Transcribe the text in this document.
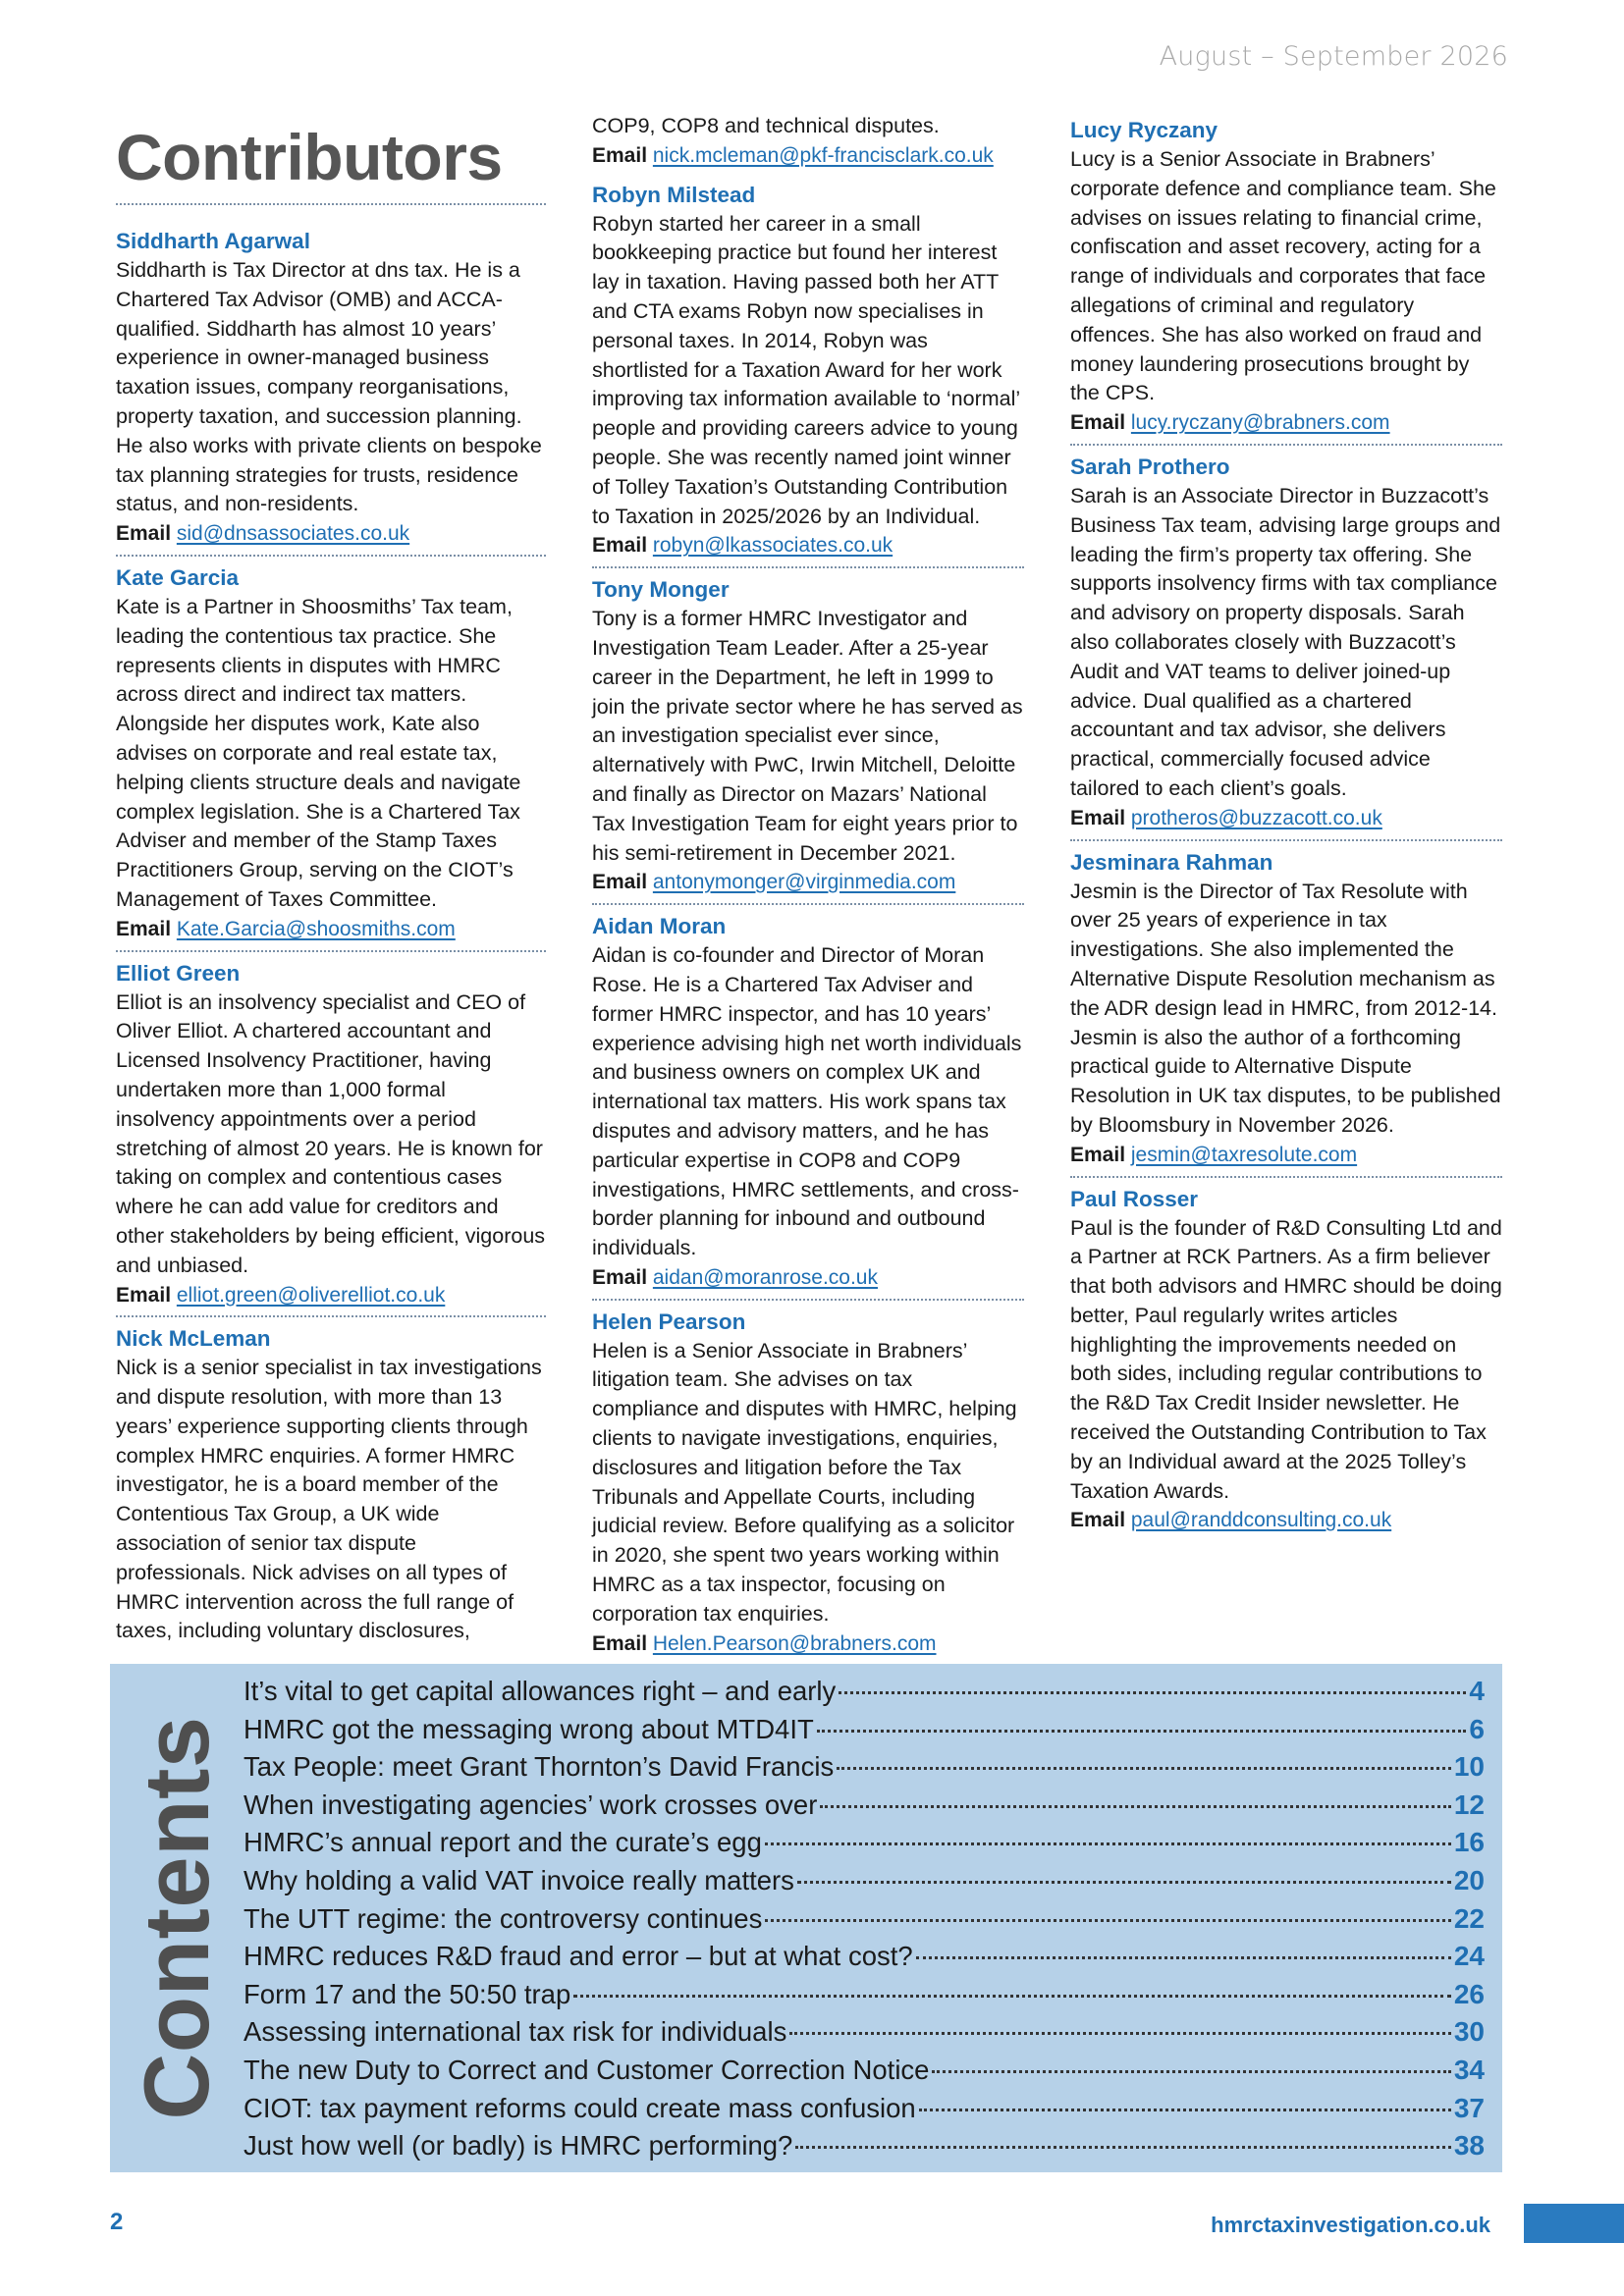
August – September 2026
Contributors
Siddharth Agarwal
Siddharth is Tax Director at dns tax. He is a Chartered Tax Advisor (OMB) and ACCA-qualified. Siddharth has almost 10 years’ experience in owner-managed business taxation issues, company reorganisations, property taxation, and succession planning. He also works with private clients on bespoke tax planning strategies for trusts, residence status, and non-residents.
Email sid@dnsassociates.co.uk
Kate Garcia
Kate is a Partner in Shoosmiths’ Tax team, leading the contentious tax practice. She represents clients in disputes with HMRC across direct and indirect tax matters. Alongside her disputes work, Kate also advises on corporate and real estate tax, helping clients structure deals and navigate complex legislation. She is a Chartered Tax Adviser and member of the Stamp Taxes Practitioners Group, serving on the CIOT’s Management of Taxes Committee.
Email Kate.Garcia@shoosmiths.com
Elliot Green
Elliot is an insolvency specialist and CEO of Oliver Elliot. A chartered accountant and Licensed Insolvency Practitioner, having undertaken more than 1,000 formal insolvency appointments over a period stretching of almost 20 years. He is known for taking on complex and contentious cases where he can add value for creditors and other stakeholders by being efficient, vigorous and unbiased.
Email elliot.green@oliverelliot.co.uk
Nick McLeman
Nick is a senior specialist in tax investigations and dispute resolution, with more than 13 years’ experience supporting clients through complex HMRC enquiries. A former HMRC investigator, he is a board member of the Contentious Tax Group, a UK wide association of senior tax dispute professionals. Nick advises on all types of HMRC intervention across the full range of taxes, including voluntary disclosures,
COP9, COP8 and technical disputes.
Email nick.mcleman@pkf-francisclark.co.uk
Robyn Milstead
Robyn started her career in a small bookkeeping practice but found her interest lay in taxation. Having passed both her ATT and CTA exams Robyn now specialises in personal taxes. In 2014, Robyn was shortlisted for a Taxation Award for her work improving tax information available to ‘normal’ people and providing careers advice to young people. She was recently named joint winner of Tolley Taxation’s Outstanding Contribution to Taxation in 2025/2026 by an Individual.
Email robyn@lkassociates.co.uk
Tony Monger
Tony is a former HMRC Investigator and Investigation Team Leader. After a 25-year career in the Department, he left in 1999 to join the private sector where he has served as an investigation specialist ever since, alternatively with PwC, Irwin Mitchell, Deloitte and finally as Director on Mazars’ National Tax Investigation Team for eight years prior to his semi-retirement in December 2021.
Email antonymonger@virginmedia.com
Aidan Moran
Aidan is co-founder and Director of Moran Rose. He is a Chartered Tax Adviser and former HMRC inspector, and has 10 years’ experience advising high net worth individuals and business owners on complex UK and international tax matters. His work spans tax disputes and advisory matters, and he has particular expertise in COP8 and COP9 investigations, HMRC settlements, and cross-border planning for inbound and outbound individuals.
Email aidan@moranrose.co.uk
Helen Pearson
Helen is a Senior Associate in Brabners’ litigation team. She advises on tax compliance and disputes with HMRC, helping clients to navigate investigations, enquiries, disclosures and litigation before the Tax Tribunals and Appellate Courts, including judicial review. Before qualifying as a solicitor in 2020, she spent two years working within HMRC as a tax inspector, focusing on corporation tax enquiries.
Email Helen.Pearson@brabners.com
Lucy Ryczany
Lucy is a Senior Associate in Brabners’ corporate defence and compliance team. She advises on issues relating to financial crime, confiscation and asset recovery, acting for a range of individuals and corporates that face allegations of criminal and regulatory offences. She has also worked on fraud and money laundering prosecutions brought by the CPS.
Email lucy.ryczany@brabners.com
Sarah Prothero
Sarah is an Associate Director in Buzzacott’s Business Tax team, advising large groups and leading the firm’s property tax offering. She supports insolvency firms with tax compliance and advisory on property disposals. Sarah also collaborates closely with Buzzacott’s Audit and VAT teams to deliver joined-up advice. Dual qualified as a chartered accountant and tax advisor, she delivers practical, commercially focused advice tailored to each client’s goals.
Email protheros@buzzacott.co.uk
Jesminara Rahman
Jesmin is the Director of Tax Resolute with over 25 years of experience in tax investigations. She also implemented the Alternative Dispute Resolution mechanism as the ADR design lead in HMRC, from 2012-14. Jesmin is also the author of a forthcoming practical guide to Alternative Dispute Resolution in UK tax disputes, to be published by Bloomsbury in November 2026.
Email jesmin@taxresolute.com
Paul Rosser
Paul is the founder of R&D Consulting Ltd and a Partner at RCK Partners. As a firm believer that both advisors and HMRC should be doing better, Paul regularly writes articles highlighting the improvements needed on both sides, including regular contributions to the R&D Tax Credit Insider newsletter. He received the Outstanding Contribution to Tax by an Individual award at the 2025 Tolley’s Taxation Awards.
Email paul@randdconsulting.co.uk
Contents
It’s vital to get capital allowances right – and early	4
HMRC got the messaging wrong about MTD4IT	6
Tax People: meet Grant Thornton’s David Francis	10
When investigating agencies’ work crosses over	12
HMRC’s annual report and the curate’s egg	16
Why holding a valid VAT invoice really matters	20
The UTT regime: the controversy continues	22
HMRC reduces R&D fraud and error – but at what cost?	24
Form 17 and the 50:50 trap	26
Assessing international tax risk for individuals	30
The new Duty to Correct and Customer Correction Notice	34
CIOT: tax payment reforms could create mass confusion	37
Just how well (or badly) is HMRC performing?	38
2	hmrctaxinvestigation.co.uk
